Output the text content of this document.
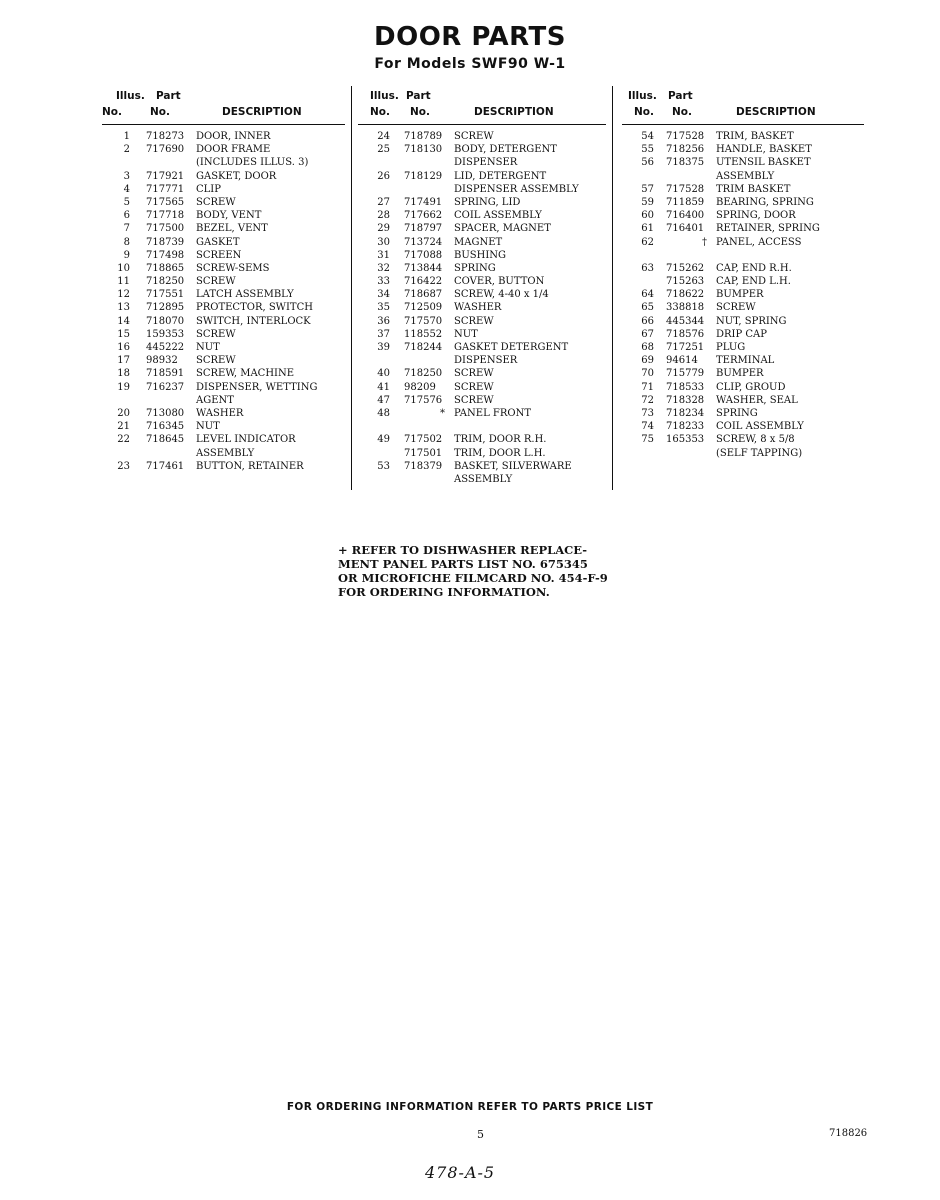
DOOR PARTS
For Models SWF90 W-1
Illus. Part
No.	No.	DESCRIPTION
1 718273 DOOR, INNER
2 717690 DOOR FRAME
(INCLUDES ILLUS. 3)
3 717921 GASKET, DOOR
4 717771 CLIP
5 717565 SCREW
6 717718 BODY, VENT
7 717500 BEZEL, VENT
8 718739 GASKET
9 717498 SCREEN
10 718865 SCREW-SEMS
11 718250 SCREW
12 717551 LATCH ASSEMBLY
13 712895 PROTECTOR, SWITCH
14 718070 SWITCH, INTERLOCK
15 159353 SCREW
16 445222 NUT
17 98932 SCREW
18 718591 SCREW, MACHINE
19 716237 DISPENSER, WETTING
AGENT
20 713080 WASHER
21 716345 NUT
22 718645 LEVEL INDICATOR
ASSEMBLY
23 717461 BUTTON, RETAINER
Illus. Part
No. No.	DESCRIPTION
24 718789 SCREW
25 718130 BODY, DETERGENT
DISPENSER
26 718129 LID, DETERGENT
DISPENSER ASSEMBLY
27 717491 SPRING, LID
28 717662 COIL ASSEMBLY
29 718797 SPACER, MAGNET
30 713724 MAGNET
31 717088 BUSHING
32 713844 SPRING
33 716422 COVER, BUTTON
34 718687 SCREW, 4-40 x 1/4
35 712509 WASHER
36 717570 SCREW
37 118552 NUT
39 718244 GASKET DETERGENT
DISPENSER
40 718250 SCREW
41 98209 SCREW
47 717576 SCREW
48	* PANEL FRONT
49 717502 TRIM, DOOR R.H.
717501 TRIM, DOOR L.H.
53 718379 BASKET, SILVERWARE
ASSEMBLY
Illus. Part
No. No.	DESCRIPTION
54 717528 TRIM, BASKET
55 718256 HANDLE, BASKET
56 718375 UTENSIL BASKET
ASSEMBLY
57 717528 TRIM BASKET
59 711859 BEARING, SPRING
60 716400 SPRING, DOOR
61 716401 RETAINER, SPRING
62	† PANEL, ACCESS
63 715262 CAP, END R.H.
715263 CAP, END L.H.
64 718622 BUMPER
65 338818 SCREW
66 445344 NUT, SPRING
67 718576 DRIP CAP
68 717251 PLUG
69 94614 TERMINAL
70 715779 BUMPER
71 718533 CLIP, GROUD
72 718328 WASHER, SEAL
73 718234 SPRING
74 718233 COIL ASSEMBLY
75 165353 SCREW, 8 x 5/8
(SELF TAPPING)
+ REFER TO DISHWASHER REPLACE-
MENT PANEL PARTS LIST NO. 675345
OR MICROFICHE FILMCARD NO. 454-F-9
FOR ORDERING INFORMATION.
FOR ORDERING INFORMATION REFER TO PARTS PRICE LIST
5	718826
478-A-5
